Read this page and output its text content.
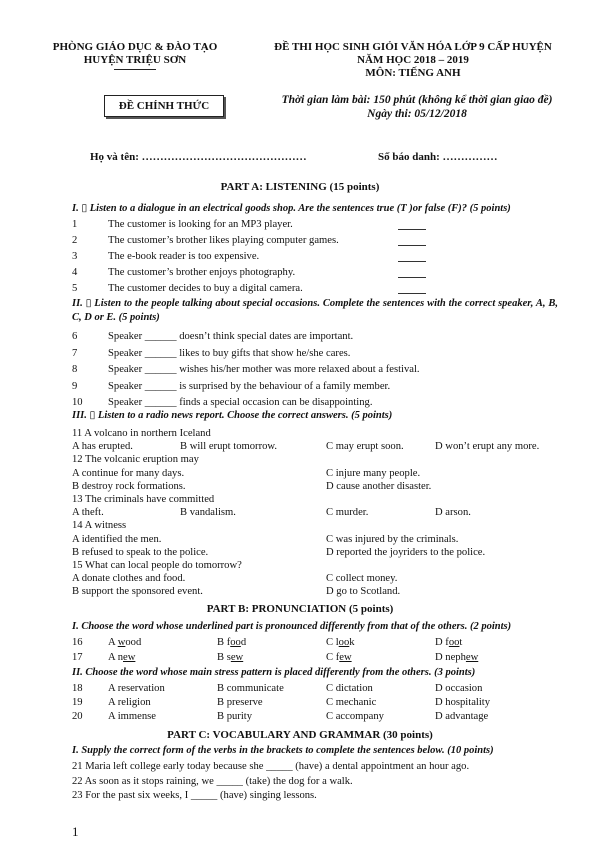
PHÒNG GIÁO DỤC & ĐÀO TẠO
HUYỆN TRIỆU SƠN
ĐỀ THI HỌC SINH GIỎI VĂN HÓA LỚP 9 CẤP HUYỆN
NĂM HỌC 2018 – 2019
MÔN: TIẾNG ANH
ĐỀ CHÍNH THỨC	Thời gian làm bài: 150 phút (không kể thời gian giao đề)
Ngày thi: 05/12/2018
Họ và tên: ………………………………………	Số báo danh: ……………
PART A: LISTENING (15 points)
I. ▯ Listen to a dialogue in an electrical goods shop. Are the sentences true (T )or false (F)? (5 points)
1	The customer is looking for an MP3 player.
2	The customer’s brother likes playing computer games.
3	The e-book reader is too expensive.
4	The customer’s brother enjoys photography.
5	The customer decides to buy a digital camera.
II. ▯ Listen to the people talking about special occasions. Complete the sentences with the correct speaker, A, B, C, D or E. (5 points)
6	Speaker ______ doesn’t think special dates are important.
7	Speaker ______ likes to buy gifts that show he/she cares.
8	Speaker ______ wishes his/her mother was more relaxed about a festival.
9	Speaker ______ is surprised by the behaviour of a family member.
10 Speaker ______ finds a special occasion can be disappointing.
III. ▯ Listen to a radio news report. Choose the correct answers. (5 points)
11 A volcano in northern Iceland
A has erupted.	B will erupt tomorrow.	C may erupt soon.	D won’t erupt any more.
12 The volcanic eruption may
A continue for many days.	C injure many people.
B destroy rock formations.	D cause another disaster.
13 The criminals have committed
A theft.	B vandalism.	C murder.	D arson.
14 A witness
A identified the men.	C was injured by the criminals.
B refused to speak to the police.	D reported the joyriders to the police.
15 What can local people do tomorrow?
A donate clothes and food.	C collect money.
B support the sponsored event.	D go to Scotland.
PART B: PRONUNCIATION (5 points)
I. Choose the word whose underlined part is pronounced differently from that of the others. (2 points)
16 A wood	B food	C look	D foot
17 A new	B sew	C few	D nephew
II. Choose the word whose main stress pattern is placed differently from the others. (3 points)
18 A reservation	B communicate	C dictation	D occasion
19 A religion	B preserve	C mechanic	D hospitality
20 A immense	B purity	C accompany	D advantage
PART C: VOCABULARY AND GRAMMAR (30 points)
I. Supply the correct form of the verbs in the brackets to complete the sentences below. (10 points)
21 Maria left college early today because she _____ (have) a dental appointment an hour ago.
22 As soon as it stops raining, we _____ (take) the dog for a walk.
23 For the past six weeks, I _____ (have) singing lessons.
1
